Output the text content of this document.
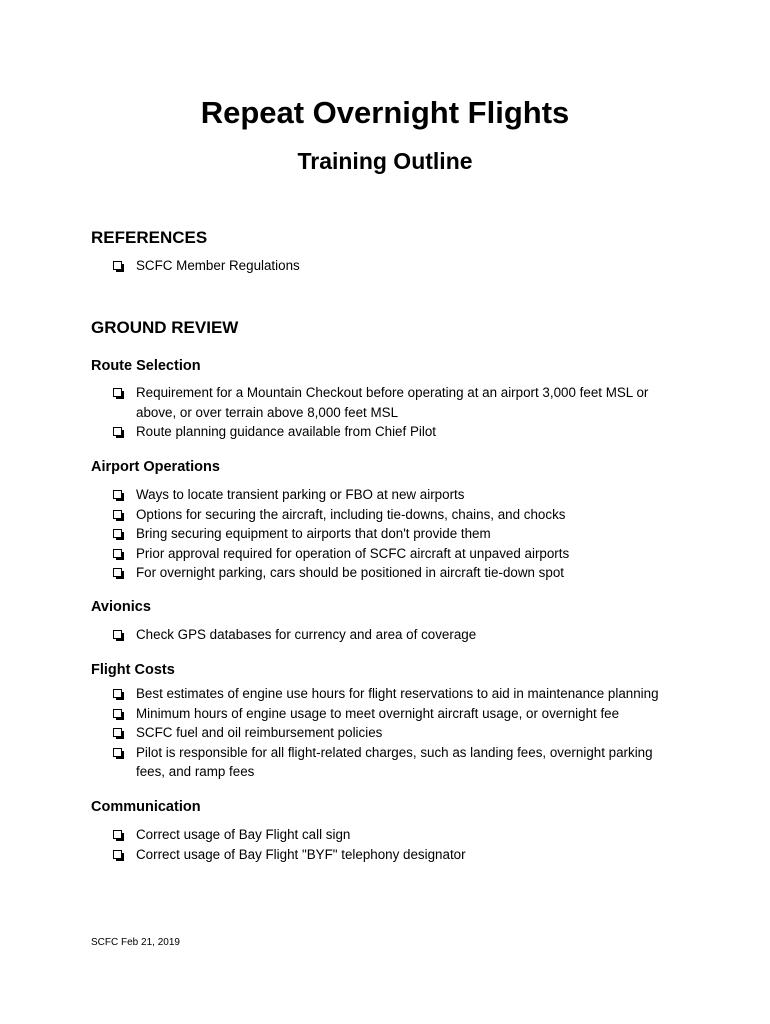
Repeat Overnight Flights
Training Outline
REFERENCES
SCFC Member Regulations
GROUND REVIEW
Route Selection
Requirement for a Mountain Checkout before operating at an airport 3,000 feet MSL or above, or over terrain above 8,000 feet MSL
Route planning guidance available from Chief Pilot
Airport Operations
Ways to locate transient parking or FBO at new airports
Options for securing the aircraft, including tie-downs, chains, and chocks
Bring securing equipment to airports that don't provide them
Prior approval required for operation of SCFC aircraft at unpaved airports
For overnight parking, cars should be positioned in aircraft tie-down spot
Avionics
Check GPS databases for currency and area of coverage
Flight Costs
Best estimates of engine use hours for flight reservations to aid in maintenance planning
Minimum hours of engine usage to meet overnight aircraft usage, or overnight fee
SCFC fuel and oil reimbursement policies
Pilot is responsible for all flight-related charges, such as landing fees, overnight parking fees, and ramp fees
Communication
Correct usage of Bay Flight call sign
Correct usage of Bay Flight "BYF" telephony designator
SCFC Feb 21, 2019
